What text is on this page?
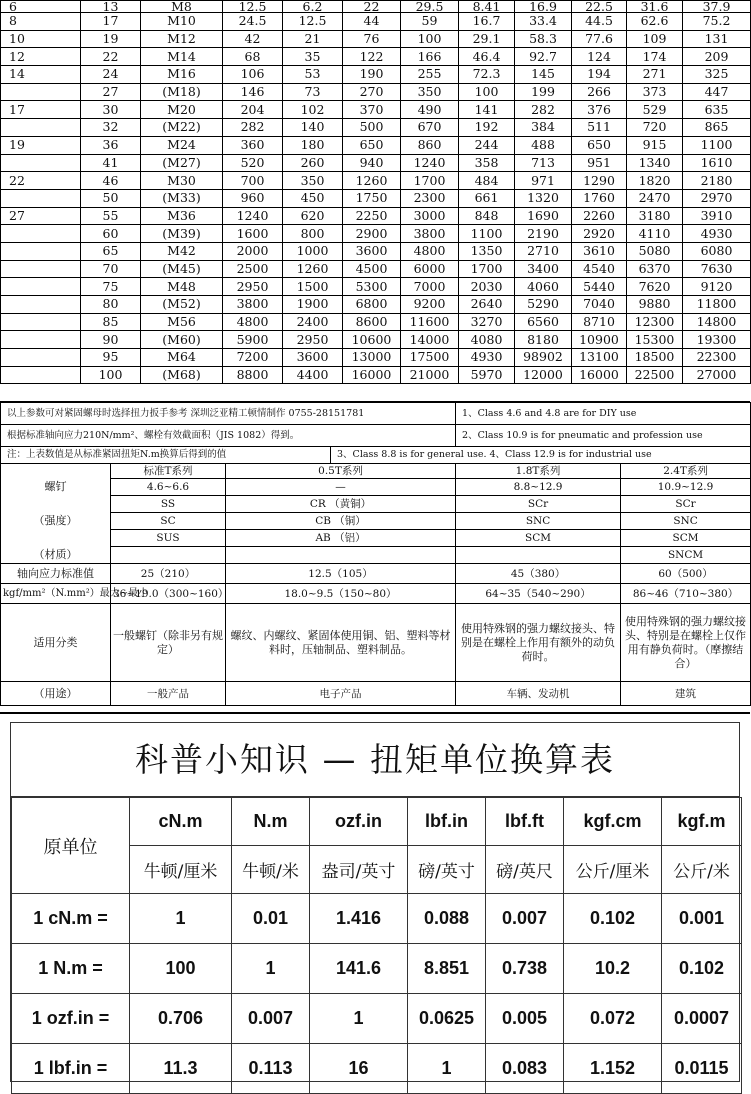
6	13	M8	12.5	6.2	22	29.5	8.41	16.9	22.5	31.6	37.9
8	17	M10	24.5	12.5	44	59	16.7	33.4	44.5	62.6	75.2
10	19	M12	42	21	76	100	29.1	58.3	77.6	109	131
12	22	M14	68	35	122	166	46.4	92.7	124	174	209
14	24	M16	106	53	190	255	72.3	145	194	271	325
	27	(M18)	146	73	270	350	100	199	266	373	447
17	30	M20	204	102	370	490	141	282	376	529	635
	32	(M22)	282	140	500	670	192	384	511	720	865
19	36	M24	360	180	650	860	244	488	650	915	1100
	41	(M27)	520	260	940	1240	358	713	951	1340	1610
22	46	M30	700	350	1260	1700	484	971	1290	1820	2180
	50	(M33)	960	450	1750	2300	661	1320	1760	2470	2970
27	55	M36	1240	620	2250	3000	848	1690	2260	3180	3910
	60	(M39)	1600	800	2900	3800	1100	2190	2920	4110	4930
	65	M42	2000	1000	3600	4800	1350	2710	3610	5080	6080
	70	(M45)	2500	1260	4500	6000	1700	3400	4540	6370	7630
	75	M48	2950	1500	5300	7000	2030	4060	5440	7620	9120
	80	(M52)	3800	1900	6800	9200	2640	5290	7040	9880	11800
	85	M56	4800	2400	8600	11600	3270	6560	8710	12300	14800
	90	(M60)	5900	2950	10600	14000	4080	8180	10900	15300	19300
	95	M64	7200	3600	13000	17500	4930	98902	13100	18500	22300
	100	(M68)	8800	4400	16000	21000	5970	12000	16000	22500	27000
以上参数可对紧固螺母时选择扭力扳手参考 深圳泛亚精工顿情制作 0755-28151781				1、Class 4.6 and 4.8 are for DIY use	
根据标准轴向应力210N/mm²、螺栓有效截面积（JIS 1082）得到。				2、Class 10.9 is for pneumatic and profession use	
注：上表数值是从标准紧固扭矩N.m换算后得到的值			3、Class 8.8 is for general use. 4、Class 12.9 is for industrial use		
	标准T系列	0.5T系列		1.8T系列	2.4T系列
螺钉	4.6~6.6	—		8.8~12.9	10.9~12.9
	SS	CR （黄铜）		SCr	SCr
（强度）	SC	CB （铜）		SNC	SNC
	SUS	AB （铝）		SCM	SCM
（材质）					SNCM
轴向应力标准值	25（210）	12.5（105）		45（380）	60（500）
kgf/mm²（N.mm²）最大~最小	36~19.0（300~160）	18.0~9.5（150~80）		64~35（540~290）	86~46（710~380）
适用分类	一般螺钉（除非另有规定）	螺纹、内螺纹、紧固体使用铜、铝、塑料等材料时，压轴制品、塑料制品。		使用特殊钢的强力螺纹接头、特别是在螺栓上作用有额外的动负荷时。	使用特殊钢的强力螺纹接头、特别是在螺栓上仅作用有静负荷时。（摩擦结合）
（用途）	一般产品	电子产品		车辆、发动机	建筑
科普小知识 — 扭矩单位换算表
原单位	cN.m	N.m	ozf.in	lbf.in	lbf.ft	kgf.cm	kgf.m
	牛顿/厘米	牛顿/米	盎司/英寸	磅/英寸	磅/英尺	公斤/厘米	公斤/米
1 cN.m =	1	0.01	1.416	0.088	0.007	0.102	0.001
1 N.m =	100	1	141.6	8.851	0.738	10.2	0.102
1 ozf.in =	0.706	0.007	1	0.0625	0.005	0.072	0.0007
1 lbf.in =	11.3	0.113	16	1	0.083	1.152	0.0115
